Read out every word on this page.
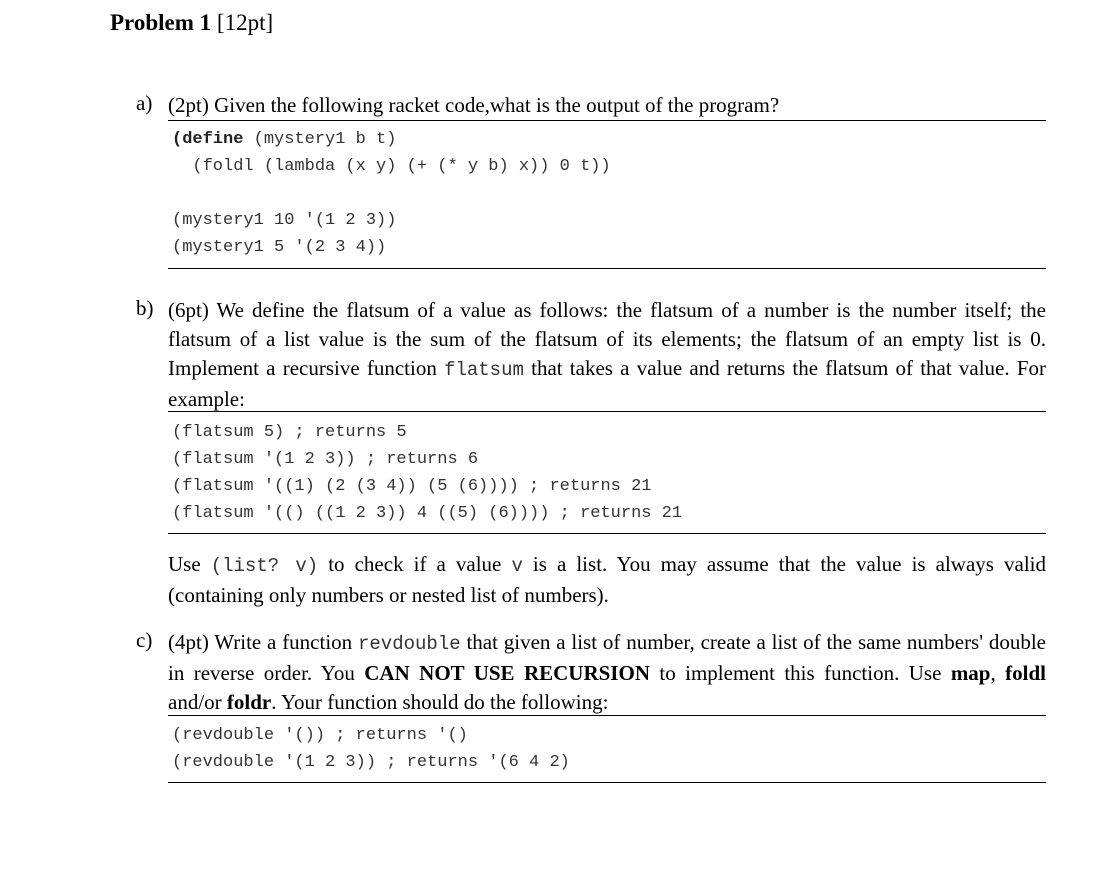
Problem 1 [12pt]
a) (2pt) Given the following racket code,what is the output of the program?
(define (mystery1 b t)
(foldl (lambda (x y) (+ (* y b) x)) 0 t))
(mystery1 10 '(1 2 3))
(mystery1 5 '(2 3 4))
b) (6pt) We define the flatsum of a value as follows: the flatsum of a number is the number itself; the flatsum of a list value is the sum of the flatsum of its elements; the flatsum of an empty list is 0. Implement a recursive function flatsum that takes a value and returns the flatsum of that value. For example:
(flatsum 5) ; returns 5
(flatsum '(1 2 3)) ; returns 6
(flatsum '((1) (2 (3 4)) (5 (6)))) ; returns 21
(flatsum '(() ((1 2 3)) 4 ((5) (6)))) ; returns 21
Use (list? v) to check if a value v is a list. You may assume that the value is always valid (containing only numbers or nested list of numbers).
c) (4pt) Write a function revdouble that given a list of number, create a list of the same numbers' double in reverse order. You CAN NOT USE RECURSION to implement this function. Use map, foldl and/or foldr. Your function should do the following:
(revdouble '()) ; returns '()
(revdouble '(1 2 3)) ; returns '(6 4 2)
